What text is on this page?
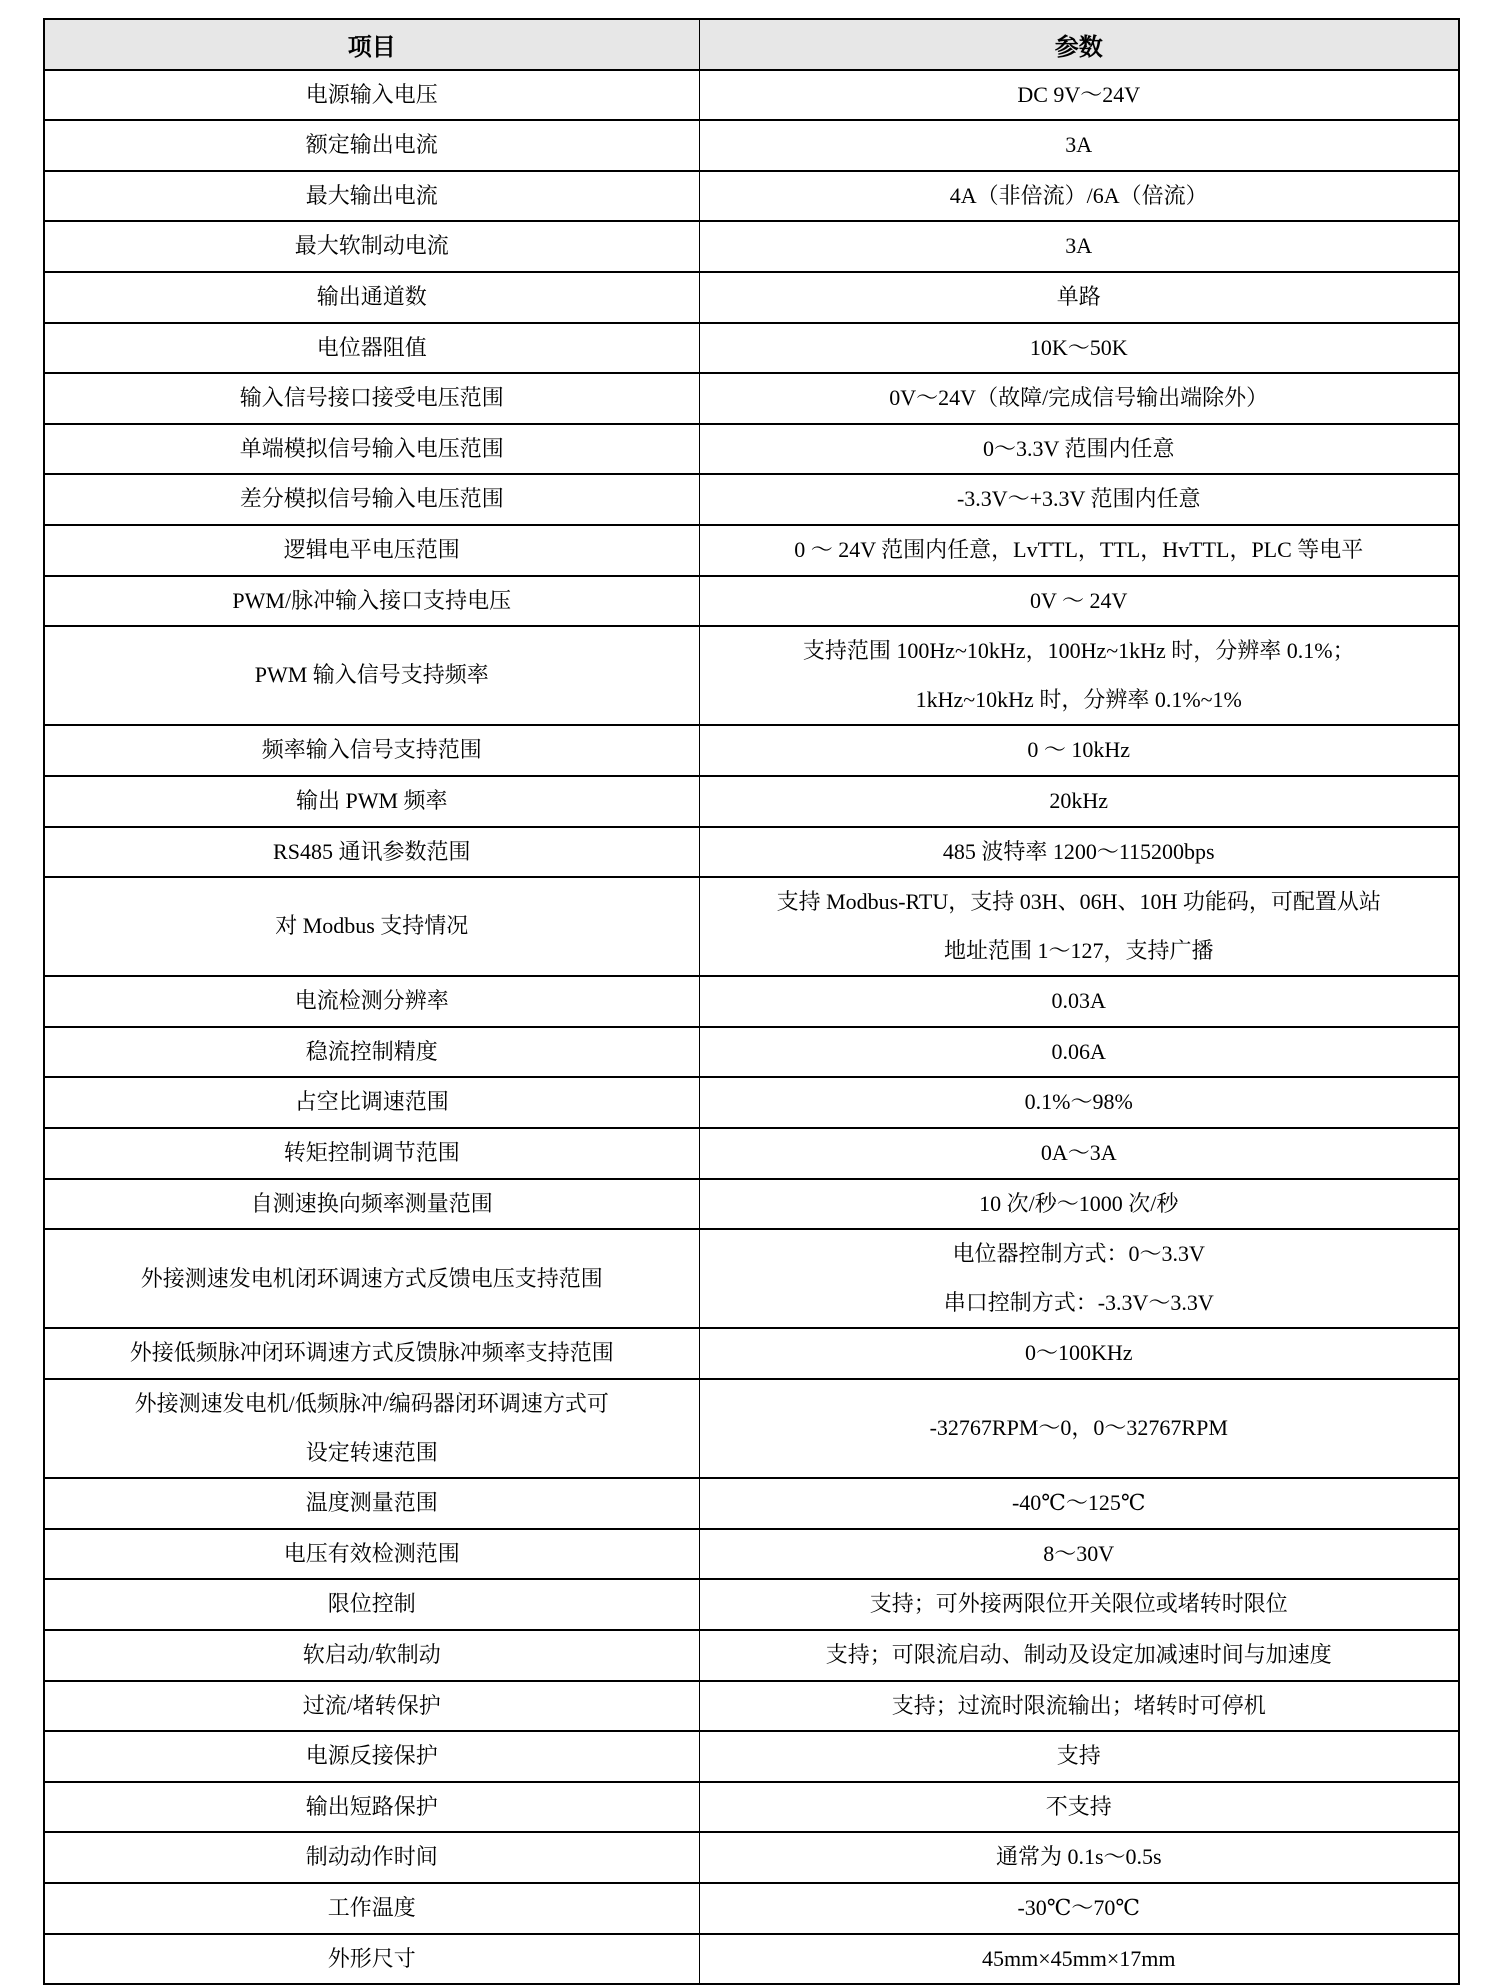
项目	参数

电源输入电压	DC 9V～24V

额定输出电流	3A

最大输出电流	4A（非倍流）/6A（倍流）

最大软制动电流	3A

输出通道数	单路

电位器阻值	10K～50K

输入信号接口接受电压范围	0V～24V（故障/完成信号输出端除外）

单端模拟信号输入电压范围	0～3.3V 范围内任意

差分模拟信号输入电压范围	-3.3V～+3.3V 范围内任意

逻辑电平电压范围	0 ～ 24V 范围内任意，LvTTL，TTL，HvTTL，PLC 等电平

PWM/脉冲输入接口支持电压	0V ～ 24V

PWM 输入信号支持频率	支持范围 100Hz~10kHz，100Hz~1kHz 时，分辨率 0.1%；
1kHz~10kHz 时，分辨率 0.1%~1%

频率输入信号支持范围	0 ～ 10kHz

输出 PWM 频率	20kHz

RS485 通讯参数范围	485 波特率 1200～115200bps

对 Modbus 支持情况	支持 Modbus-RTU，支持 03H、06H、10H 功能码，可配置从站
地址范围 1～127，支持广播

电流检测分辨率	0.03A

稳流控制精度	0.06A

占空比调速范围	0.1%～98%

转矩控制调节范围	0A～3A

自测速换向频率测量范围	10 次/秒～1000 次/秒

外接测速发电机闭环调速方式反馈电压支持范围	电位器控制方式：0～3.3V
串口控制方式：-3.3V～3.3V

外接低频脉冲闭环调速方式反馈脉冲频率支持范围	0～100KHz

外接测速发电机/低频脉冲/编码器闭环调速方式可
设定转速范围	-32767RPM～0，0～32767RPM

温度测量范围	-40℃～125℃

电压有效检测范围	8～30V

限位控制	支持；可外接两限位开关限位或堵转时限位

软启动/软制动	支持；可限流启动、制动及设定加减速时间与加速度

过流/堵转保护	支持；过流时限流输出；堵转时可停机

电源反接保护	支持

输出短路保护	不支持

制动动作时间	通常为 0.1s～0.5s

工作温度	-30℃～70℃

外形尺寸	45mm×45mm×17mm
